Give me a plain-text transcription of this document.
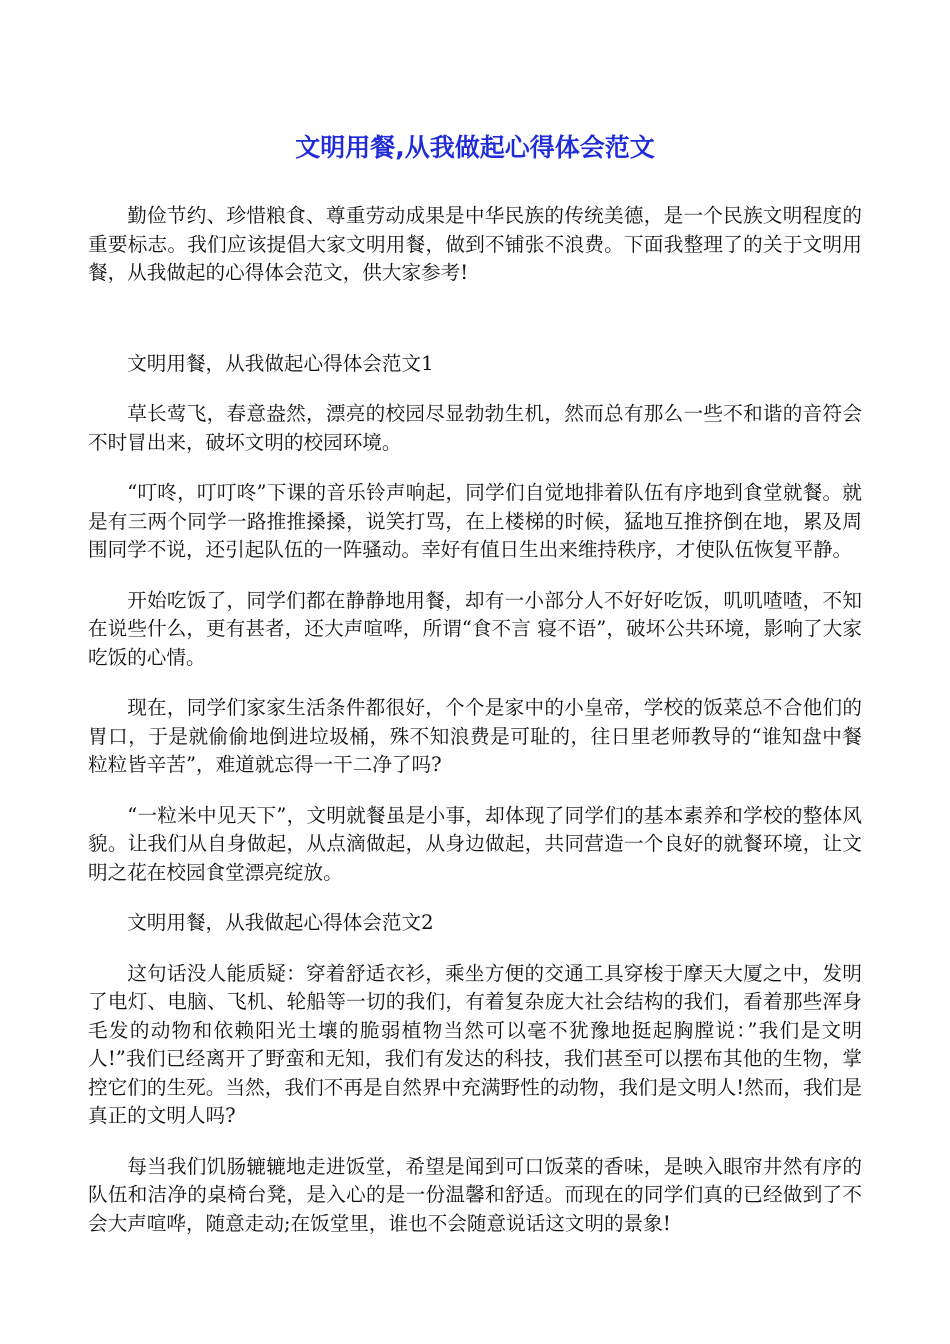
文明用餐,从我做起心得体会范文

勤俭节约、珍惜粮食、尊重劳动成果是中华民族的传统美德，是一个民族文明程度的重要标志。我们应该提倡大家文明用餐，做到不铺张不浪费。下面我整理了的关于文明用餐，从我做起的心得体会范文，供大家参考!

文明用餐，从我做起心得体会范文1

草长莺飞，春意盎然，漂亮的校园尽显勃勃生机，然而总有那么一些不和谐的音符会不时冒出来，破坏文明的校园环境。

“叮咚，叮叮咚”下课的音乐铃声响起，同学们自觉地排着队伍有序地到食堂就餐。就是有三两个同学一路推推搡搡，说笑打骂，在上楼梯的时候，猛地互推挤倒在地，累及周围同学不说，还引起队伍的一阵骚动。幸好有值日生出来维持秩序，才使队伍恢复平静。

开始吃饭了，同学们都在静静地用餐，却有一小部分人不好好吃饭，叽叽喳喳，不知在说些什么，更有甚者，还大声喧哗，所谓“食不言 寝不语”，破坏公共环境，影响了大家吃饭的心情。

现在，同学们家家生活条件都很好，个个是家中的小皇帝，学校的饭菜总不合他们的胃口，于是就偷偷地倒进垃圾桶，殊不知浪费是可耻的，往日里老师教导的“谁知盘中餐 粒粒皆辛苦”，难道就忘得一干二净了吗?

“一粒米中见天下”，文明就餐虽是小事，却体现了同学们的基本素养和学校的整体风貌。让我们从自身做起，从点滴做起，从身边做起，共同营造一个良好的就餐环境，让文明之花在校园食堂漂亮绽放。

文明用餐，从我做起心得体会范文2

这句话没人能质疑：穿着舒适衣衫，乘坐方便的交通工具穿梭于摩天大厦之中，发明了电灯、电脑、飞机、轮船等一切的我们，有着复杂庞大社会结构的我们，看着那些浑身毛发的动物和依赖阳光土壤的脆弱植物当然可以毫不犹豫地挺起胸膛说：”我们是文明人!”我们已经离开了野蛮和无知，我们有发达的科技，我们甚至可以摆布其他的生物，掌控它们的生死。当然，我们不再是自然界中充满野性的动物，我们是文明人!然而，我们是真正的文明人吗?

每当我们饥肠辘辘地走进饭堂，希望是闻到可口饭菜的香味，是映入眼帘井然有序的队伍和洁净的桌椅台凳，是入心的是一份温馨和舒适。而现在的同学们真的已经做到了不会大声喧哗，随意走动;在饭堂里，谁也不会随意说话这文明的景象!
